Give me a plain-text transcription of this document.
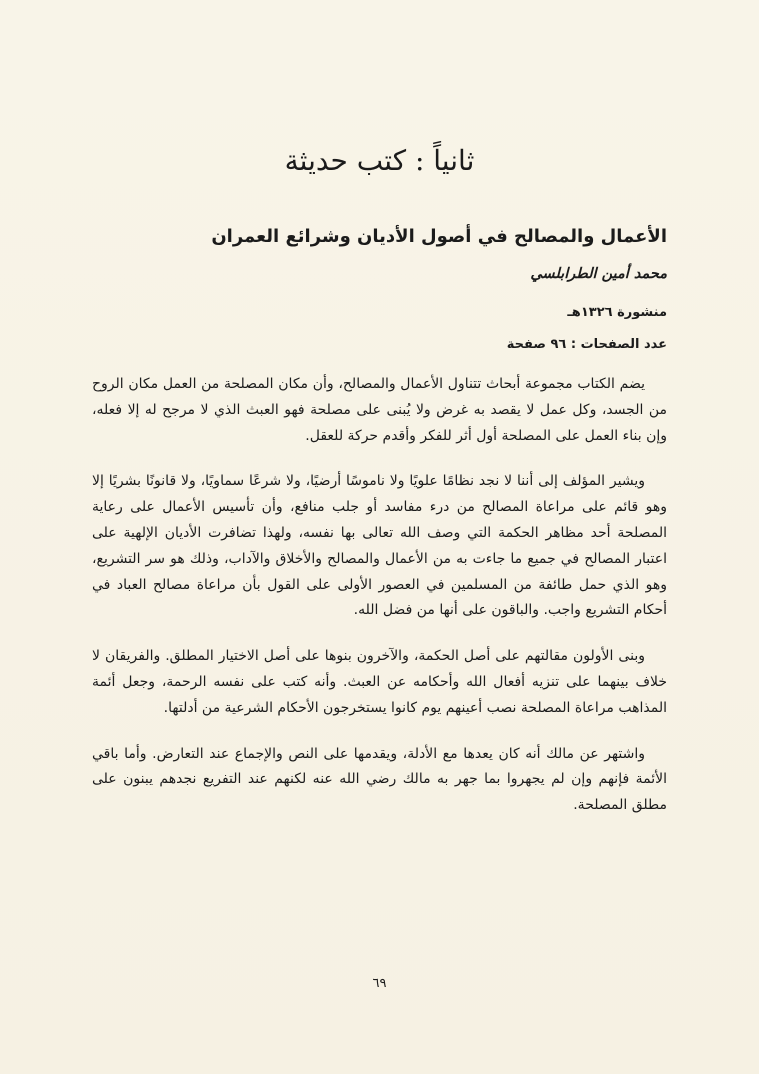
ثانياً : كتب حديثة
الأعمال والمصالح في أصول الأديان وشرائع العمران
محمد أمين الطرابلسي
منشورة ١٣٢٦هـ
عدد الصفحات : ٩٦ صفحة

يضم الكتاب مجموعة أبحاث تتناول الأعمال والمصالح، وأن مكان المصلحة من العمل مكان الروح من الجسد، وكل عمل لا يقصد به غرض ولا يُبنى على مصلحة فهو العبث الذي لا مرجح له إلا فعله، وإن بناء العمل على المصلحة أول أثر للفكر وأقدم حركة للعقل.

ويشير المؤلف إلى أننا لا نجد نظامًا علويًا ولا ناموسًا أرضيًا، ولا شرعًا سماويًا، ولا قانونًا بشريًا إلا وهو قائم على مراعاة المصالح من درء مفاسد أو جلب منافع، وأن تأسيس الأعمال على رعاية المصلحة أحد مظاهر الحكمة التي وصف الله تعالى بها نفسه، ولهذا تضافرت الأديان الإلهية على اعتبار المصالح في جميع ما جاءت به من الأعمال والمصالح والأخلاق والآداب، وذلك هو سر التشريع، وهو الذي حمل طائفة من المسلمين في العصور الأولى على القول بأن مراعاة مصالح العباد في أحكام التشريع واجب. والباقون على أنها من فضل الله.

وبنى الأولون مقالتهم على أصل الحكمة، والآخرون بنوها على أصل الاختيار المطلق. والفريقان لا خلاف بينهما على تنزيه أفعال الله وأحكامه عن العبث. وأنه كتب على نفسه الرحمة، وجعل أئمة المذاهب مراعاة المصلحة نصب أعينهم يوم كانوا يستخرجون الأحكام الشرعية من أدلتها.

واشتهر عن مالك أنه كان يعدها مع الأدلة، ويقدمها على النص والإجماع عند التعارض. وأما باقي الأئمة فإنهم وإن لم يجهروا بما جهر به مالك رضي الله عنه لكنهم عند التفريع نجدهم يبنون على مطلق المصلحة.

٦٩
